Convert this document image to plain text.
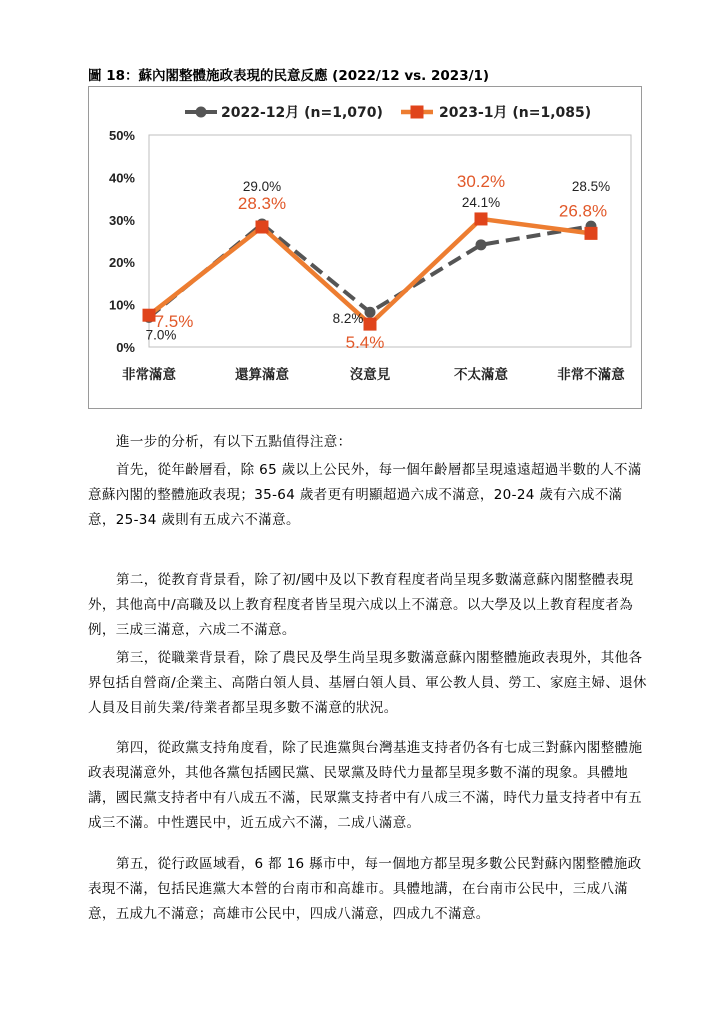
圖 18：蘇內閣整體施政表現的民意反應 (2022/12 vs. 2023/1)
0%
10%
20%
30%
40%
50%
非常滿意	還算滿意	沒意見	不太滿意	非常不滿意
7.0%
29.0%
8.2%
24.1%
28.5%
7.5%
28.3%
5.4%
30.2%
26.8%
2022-12月 (n=1,070)	2023-1月 (n=1,085)

進一步的分析，有以下五點值得注意：

首先，從年齡層看，除 65 歲以上公民外，每一個年齡層都呈現遠遠超過半數的人不滿意蘇內閣的整體施政表現；35-64 歲者更有明顯超過六成不滿意，20-24 歲有六成不滿意，25-34 歲則有五成六不滿意。

第二，從教育背景看，除了初/國中及以下教育程度者尚呈現多數滿意蘇內閣整體表現外，其他高中/高職及以上教育程度者皆呈現六成以上不滿意。以大學及以上教育程度者為例，三成三滿意，六成二不滿意。

第三，從職業背景看，除了農民及學生尚呈現多數滿意蘇內閣整體施政表現外，其他各界包括自營商/企業主、高階白領人員、基層白領人員、軍公教人員、勞工、家庭主婦、退休人員及目前失業/待業者都呈現多數不滿意的狀況。

第四，從政黨支持角度看，除了民進黨與台灣基進支持者仍各有七成三對蘇內閣整體施政表現滿意外，其他各黨包括國民黨、民眾黨及時代力量都呈現多數不滿的現象。具體地講，國民黨支持者中有八成五不滿，民眾黨支持者中有八成三不滿，時代力量支持者中有五成三不滿。中性選民中，近五成六不滿，二成八滿意。

第五，從行政區域看，6 都 16 縣市中，每一個地方都呈現多數公民對蘇內閣整體施政表現不滿，包括民進黨大本營的台南市和高雄市。具體地講，在台南市公民中，三成八滿意，五成九不滿意；高雄市公民中，四成八滿意，四成九不滿意。
